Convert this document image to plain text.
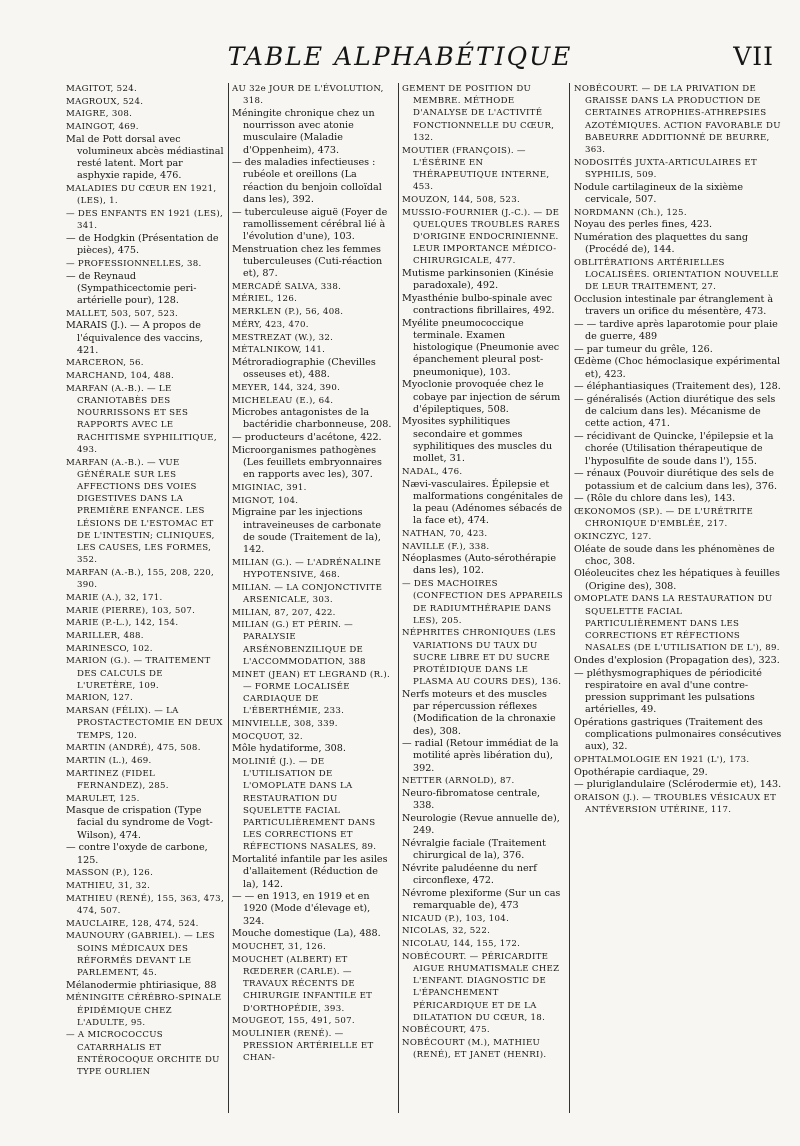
TABLE ALPHABÉTIQUE	VII
MAGITOT, 524.
MAGROUX, 524.
MAIGRE, 308.
MAINGOT, 469.
Mal de Pott dorsal avec volumineux abcès médiastinal resté latent. Mort par asphyxie rapide, 476.
MALADIES DU CŒUR EN 1921, (LES), 1.
— DES ENFANTS EN 1921 (LES), 341.
— de Hodgkin (Présentation de pièces), 475.
— PROFESSIONNELLES, 38.
— de Reynaud (Sympathicectomie peri-artérielle pour), 128.
MALLET, 503, 507, 523.
MARAIS (J.). — A propos de l'équivalence des vaccins, 421.
MARCERON, 56.
MARCHAND, 104, 488.
MARFAN (A.-B.). — LE CRANIOTABÈS DES NOURRISSONS ET SES RAPPORTS AVEC LE RACHITISME SYPHILITIQUE, 493.
MARFAN (A.-B.). — VUE GÉNÉRALE SUR LES AFFECTIONS DES VOIES DIGESTIVES DANS LA PREMIÈRE ENFANCE. LES LÉSIONS DE L'ESTOMAC ET DE L'INTESTIN; CLINIQUES, LES CAUSES, LES FORMES, 352.
MARFAN (A.-B.), 155, 208, 220, 390.
MARIE (A.), 32, 171.
MARIE (PIERRE), 103, 507.
MARIE (P.-L.), 142, 154.
MARILLER, 488.
MARINESCO, 102.
MARION (G.). — TRAITEMENT DES CALCULS DE L'URETÈRE, 109.
MARION, 127.
MARSAN (FÉLIX). — LA PROSTACTECTOMIE EN DEUX TEMPS, 120.
MARTIN (ANDRÉ), 475, 508.
MARTIN (L.), 469.
MARTINEZ (FIDEL FERNANDEZ), 285.
MARULET, 125.
Masque de crispation (Type facial du syndrome de Vogt-Wilson), 474.
— contre l'oxyde de carbone, 125.
MASSON (P.), 126.
MATHIEU, 31, 32.
MATHIEU (RENÉ), 155, 363, 473, 474, 507.
MAUCLAIRE, 128, 474, 524.
MAUNOURY (GABRIEL). — LES SOINS MÉDICAUX DES RÉFORMÉS DEVANT LE PARLEMENT, 45.
Mélanodermie phtiriasique, 88
MÉNINGITE CÉRÉBRO-SPINALE ÉPIDÉMIQUE CHEZ L'ADULTE, 95.
— A MICROCOCCUS CATARRHALIS ET ENTÉROCOQUE ORCHITE DU TYPE OURLIEN
AU 32e JOUR DE L'ÉVOLUTION, 318.
Méningite chronique chez un nourrisson avec atonie musculaire (Maladie d'Oppenheim), 473.
— des maladies infectieuses : rubéole et oreillons (La réaction du benjoin colloïdal dans les), 392.
— tuberculeuse aiguë (Foyer de ramollissement cérébral lié à l'évolution d'une), 103.
Menstruation chez les femmes tuberculeuses (Cuti-réaction et), 87.
MERCADÉ SALVA, 338.
MÉRIEL, 126.
MERKLEN (P.), 56, 408.
MÉRY, 423, 470.
MESTREZAT (W.), 32.
MÉTALNIKOW, 141.
Métroradiographie (Chevilles osseuses et), 488.
MEYER, 144, 324, 390.
MICHELEAU (E.), 64.
Microbes antagonistes de la bactéridie charbonneuse, 208.
— producteurs d'acétone, 422.
Microorganismes pathogènes (Les feuillets embryonnaires en rapports avec les), 307.
MIGINIAC, 391.
MIGNOT, 104.
Migraine par les injections intraveineuses de carbonate de soude (Traitement de la), 142.
MILIAN (G.). — L'ADRÉNALINE HYPOTENSIVE, 468.
MILIAN. — LA CONJONCTIVITE ARSENICALE, 303.
MILIAN, 87, 207, 422.
MILIAN (G.) ET PÉRIN. — PARALYSIE ARSÉNOBENZILIQUE DE L'ACCOMMODATION, 388
MINET (JEAN) ET LEGRAND (R.). — FORME LOCALISÉE CARDIAQUE DE L'ÉBERTHÉMIE, 233.
MINVIELLE, 308, 339.
MOCQUOT, 32.
Môle hydatiforme, 308.
MOLINIÉ (J.). — DE L'UTILISATION DE L'OMOPLATE DANS LA RESTAURATION DU SQUELETTE FACIAL PARTICULIÈREMENT DANS LES CORRECTIONS ET RÉFECTIONS NASALES, 89.
Mortalité infantile par les asiles d'allaitement (Réduction de la), 142.
— — en 1913, en 1919 et en 1920 (Mode d'élevage et), 324.
Mouche domestique (La), 488.
MOUCHET, 31, 126.
MOUCHET (ALBERT) ET RŒDERER (CARLE). — TRAVAUX RÉCENTS DE CHIRURGIE INFANTILE ET D'ORTHOPÉDIE, 393.
MOUGEOT, 155, 491, 507.
MOULINIER (RENÉ). — PRESSION ARTÉRIELLE ET CHAN-
GEMENT DE POSITION DU MEMBRE. MÉTHODE D'ANALYSE DE L'ACTIVITÉ FONCTIONNELLE DU CŒUR, 132.
MOUTIER (FRANÇOIS). — L'ÉSÉRINE EN THÉRAPEUTIQUE INTERNE, 453.
MOUZON, 144, 508, 523.
MUSSIO-FOURNIER (J.-C.). — DE QUELQUES TROUBLES RARES D'ORIGINE ENDOCRINIENNE. LEUR IMPORTANCE MÉDICO-CHIRURGICALE, 477.
Mutisme parkinsonien (Kinésie paradoxale), 492.
Myasthénie bulbo-spinale avec contractions fibrillaires, 492.
Myélite pneumococcique terminale. Examen histologique (Pneumonie avec épanchement pleural post-pneumonique), 103.
Myoclonie provoquée chez le cobaye par injection de sérum d'épileptiques, 508.
Myosites syphilitiques secondaire et gommes syphilitiques des muscles du mollet, 31.
NADAL, 476.
Nævi-vasculaires. Épilepsie et malformations congénitales de la peau (Adénomes sébacés de la face et), 474.
NATHAN, 70, 423.
NAVILLE (F.), 338.
Néoplasmes (Auto-sérothérapie dans les), 102.
— DES MACHOIRES (CONFECTION DES APPAREILS DE RADIUMTHÉRAPIE DANS LES), 205.
NÉPHRITES CHRONIQUES (LES VARIATIONS DU TAUX DU SUCRE LIBRE ET DU SUCRE PROTÉIDIQUE DANS LE PLASMA AU COURS DES), 136.
Nerfs moteurs et des muscles par répercussion réflexes (Modification de la chronaxie des), 308.
— radial (Retour immédiat de la motilité après libération du), 392.
NETTER (ARNOLD), 87.
Neuro-fibromatose centrale, 338.
Neurologie (Revue annuelle de), 249.
Névralgie faciale (Traitement chirurgical de la), 376.
Névrite paludéenne du nerf circonflexe, 472.
Névrome plexiforme (Sur un cas remarquable de), 473
NICAUD (P.), 103, 104.
NICOLAS, 32, 522.
NICOLAU, 144, 155, 172.
NOBÉCOURT. — PÉRICARDITE AIGUE RHUMATISMALE CHEZ L'ENFANT. DIAGNOSTIC DE L'ÉPANCHEMENT PÉRICARDIQUE ET DE LA DILATATION DU CŒUR, 18.
NOBÉCOURT, 475.
NOBÉCOURT (M.), MATHIEU (RENÉ), ET JANET (HENRI).
NOBÉCOURT. — DE LA PRIVATION DE GRAISSE DANS LA PRODUCTION DE CERTAINES ATROPHIES-ATHREPSIES AZOTÉMIQUES. ACTION FAVORABLE DU BABEURRE ADDITIONNÉ DE BEURRE, 363.
NODOSITÉS JUXTA-ARTICULAIRES ET SYPHILIS, 509.
Nodule cartilagineux de la sixième cervicale, 507.
NORDMANN (Ch.), 125.
Noyau des perles fines, 423.
Numération des plaquettes du sang (Procédé de), 144.
OBLITÉRATIONS ARTÉRIELLES LOCALISÉES. ORIENTATION NOUVELLE DE LEUR TRAITEMENT, 27.
Occlusion intestinale par étranglement à travers un orifice du mésentère, 473.
— — tardive après laparotomie pour plaie de guerre, 489
— par tumeur du grêle, 126.
Œdème (Choc hémoclasique expérimental et), 423.
— éléphantiasiques (Traitement des), 128.
— généralisés (Action diurétique des sels de calcium dans les). Mécanisme de cette action, 471.
— récidivant de Quincke, l'épilepsie et la chorée (Utilisation thérapeutique de l'hyposulfite de soude dans l'), 155.
— rénaux (Pouvoir diurétique des sels de potassium et de calcium dans les), 376.
— (Rôle du chlore dans les), 143.
ŒKONOMOS (SP.). — DE L'URÉTRITE CHRONIQUE D'EMBLÉE, 217.
OKINCZYC, 127.
Oléate de soude dans les phénomènes de choc, 308.
Oléoleucites chez les hépatiques à feuilles (Origine des), 308.
OMOPLATE DANS LA RESTAURATION DU SQUELETTE FACIAL PARTICULIÈREMENT DANS LES CORRECTIONS ET RÉFECTIONS NASALES (DE L'UTILISATION DE L'), 89.
Ondes d'explosion (Propagation des), 323.
— pléthysmographiques de périodicité respiratoire en aval d'une contre-pression supprimant les pulsations artérielles, 49.
Opérations gastriques (Traitement des complications pulmonaires consécutives aux), 32.
OPHTALMOLOGIE EN 1921 (L'), 173.
Opothérapie cardiaque, 29.
— pluriglandulaire (Sclérodermie et), 143.
ORAISON (J.). — TROUBLES VÉSICAUX ET ANTÉVERSION UTÉRINE, 117.
